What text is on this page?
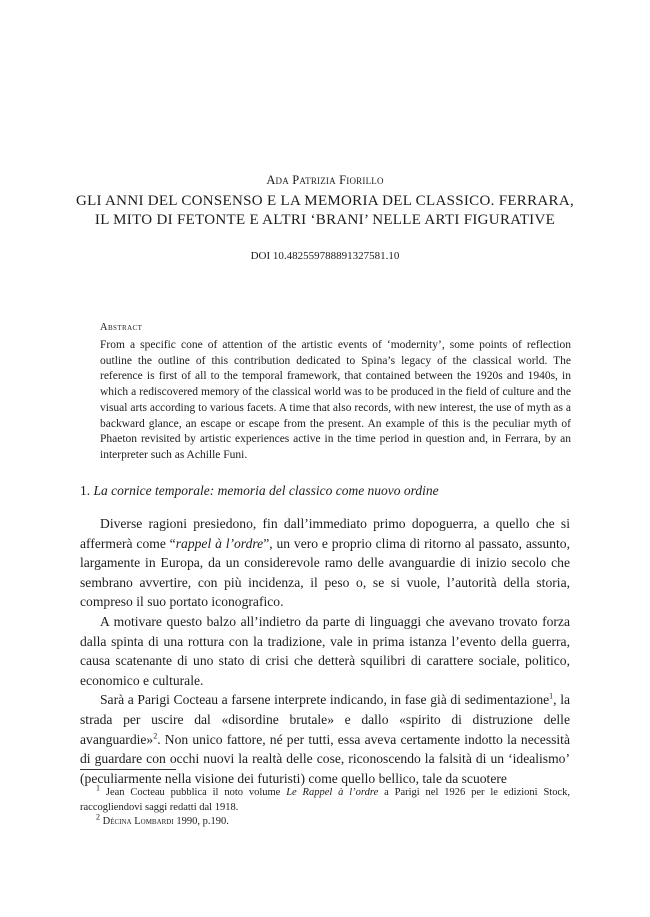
Ada Patrizia Fiorillo
GLI ANNI DEL CONSENSO E LA MEMORIA DEL CLASSICO. FERRARA,
IL MITO DI FETONTE E ALTRI ‘BRANI’ NELLE ARTI FIGURATIVE
DOI 10.482559788891327581.10
Abstract
From a specific cone of attention of the artistic events of ‘modernity’, some points of reflection outline the outline of this contribution dedicated to Spina’s legacy of the classical world. The reference is first of all to the temporal framework, that contained between the 1920s and 1940s, in which a rediscovered memory of the classical world was to be produced in the field of culture and the visual arts according to various facets. A time that also records, with new interest, the use of myth as a backward glance, an escape or escape from the present. An example of this is the peculiar myth of Phaeton revisited by artistic experiences active in the time period in question and, in Ferrara, by an interpreter such as Achille Funi.
1. La cornice temporale: memoria del classico come nuovo ordine

Diverse ragioni presiedono, fin dall’immediato primo dopoguerra, a quello che si affermerà come “rappel à l’ordre”, un vero e proprio clima di ritorno al passato, assunto, largamente in Europa, da un considerevole ramo delle avanguardie di inizio secolo che sembrano avvertire, con più incidenza, il peso o, se si vuole, l’autorità della storia, compreso il suo portato iconografico.

A motivare questo balzo all’indietro da parte di linguaggi che avevano trovato forza dalla spinta di una rottura con la tradizione, vale in prima istanza l’evento della guerra, causa scatenante di uno stato di crisi che detterà squilibri di carattere sociale, politico, economico e culturale.

Sarà a Parigi Cocteau a farsene interprete indicando, in fase già di sedimentazione$^1$, la strada per uscire dal «disordine brutale» e dallo «spirito di distruzione delle avanguardie»$^2$. Non unico fattore, né per tutti, essa aveva certamente indotto la necessità di guardare con occhi nuovi la realtà delle cose, riconoscendo la falsità di un ‘idealismo’ (peculiarmente nella visione dei futuristi) come quello bellico, tale da scuotere

$^1$ Jean Cocteau pubblica il noto volume Le Rappel à l’ordre a Parigi nel 1926 per le edizioni Stock, raccogliendovi saggi redatti dal 1918.

$^2$ Décina Lombardi 1990, p.190.
